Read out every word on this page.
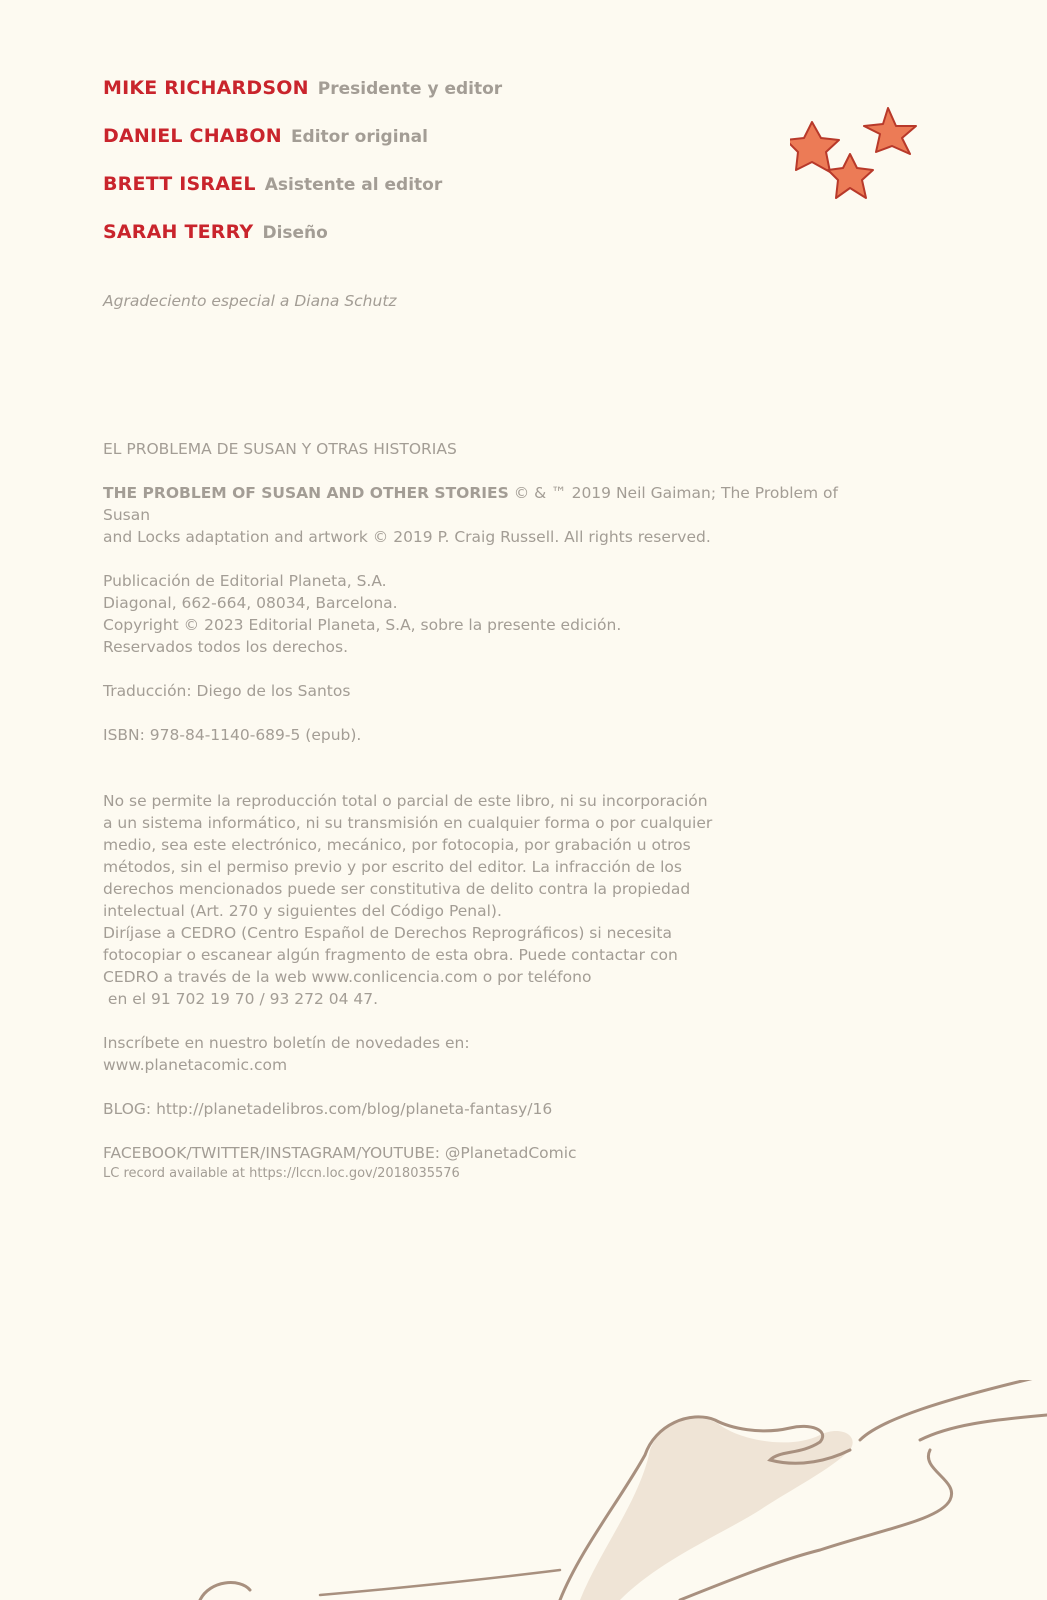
MIKE RICHARDSON Presidente y editor
DANIEL CHABON Editor original
BRETT ISRAEL Asistente al editor
SARAH TERRY Diseño
Agradeciento especial a Diana Schutz

EL PROBLEMA DE SUSAN Y OTRAS HISTORIAS

THE PROBLEM OF SUSAN AND OTHER STORIES © & ™ 2019 Neil Gaiman; The Problem of Susan

and Locks adaptation and artwork © 2019 P. Craig Russell. All rights reserved.

Publicación de Editorial Planeta, S.A.

Diagonal, 662-664, 08034, Barcelona.

Copyright © 2023 Editorial Planeta, S.A, sobre la presente edición.

Reservados todos los derechos.

Traducción: Diego de los Santos

ISBN: 978-84-1140-689-5 (epub).

No se permite la reproducción total o parcial de este libro, ni su incorporación

a un sistema informático, ni su transmisión en cualquier forma o por cualquier

medio, sea este electrónico, mecánico, por fotocopia, por grabación u otros

métodos, sin el permiso previo y por escrito del editor. La infracción de los

derechos mencionados puede ser constitutiva de delito contra la propiedad

intelectual (Art. 270 y siguientes del Código Penal).

Diríjase a CEDRO (Centro Español de Derechos Reprográficos) si necesita

fotocopiar o escanear algún fragmento de esta obra. Puede contactar con

CEDRO a través de la web www.conlicencia.com o por teléfono

en el 91 702 19 70 / 93 272 04 47.

Inscríbete en nuestro boletín de novedades en:

www.planetacomic.com

BLOG: http://planetadelibros.com/blog/planeta-fantasy/16

FACEBOOK/TWITTER/INSTAGRAM/YOUTUBE: @PlanetadComic

LC record available at https://lccn.loc.gov/2018035576
